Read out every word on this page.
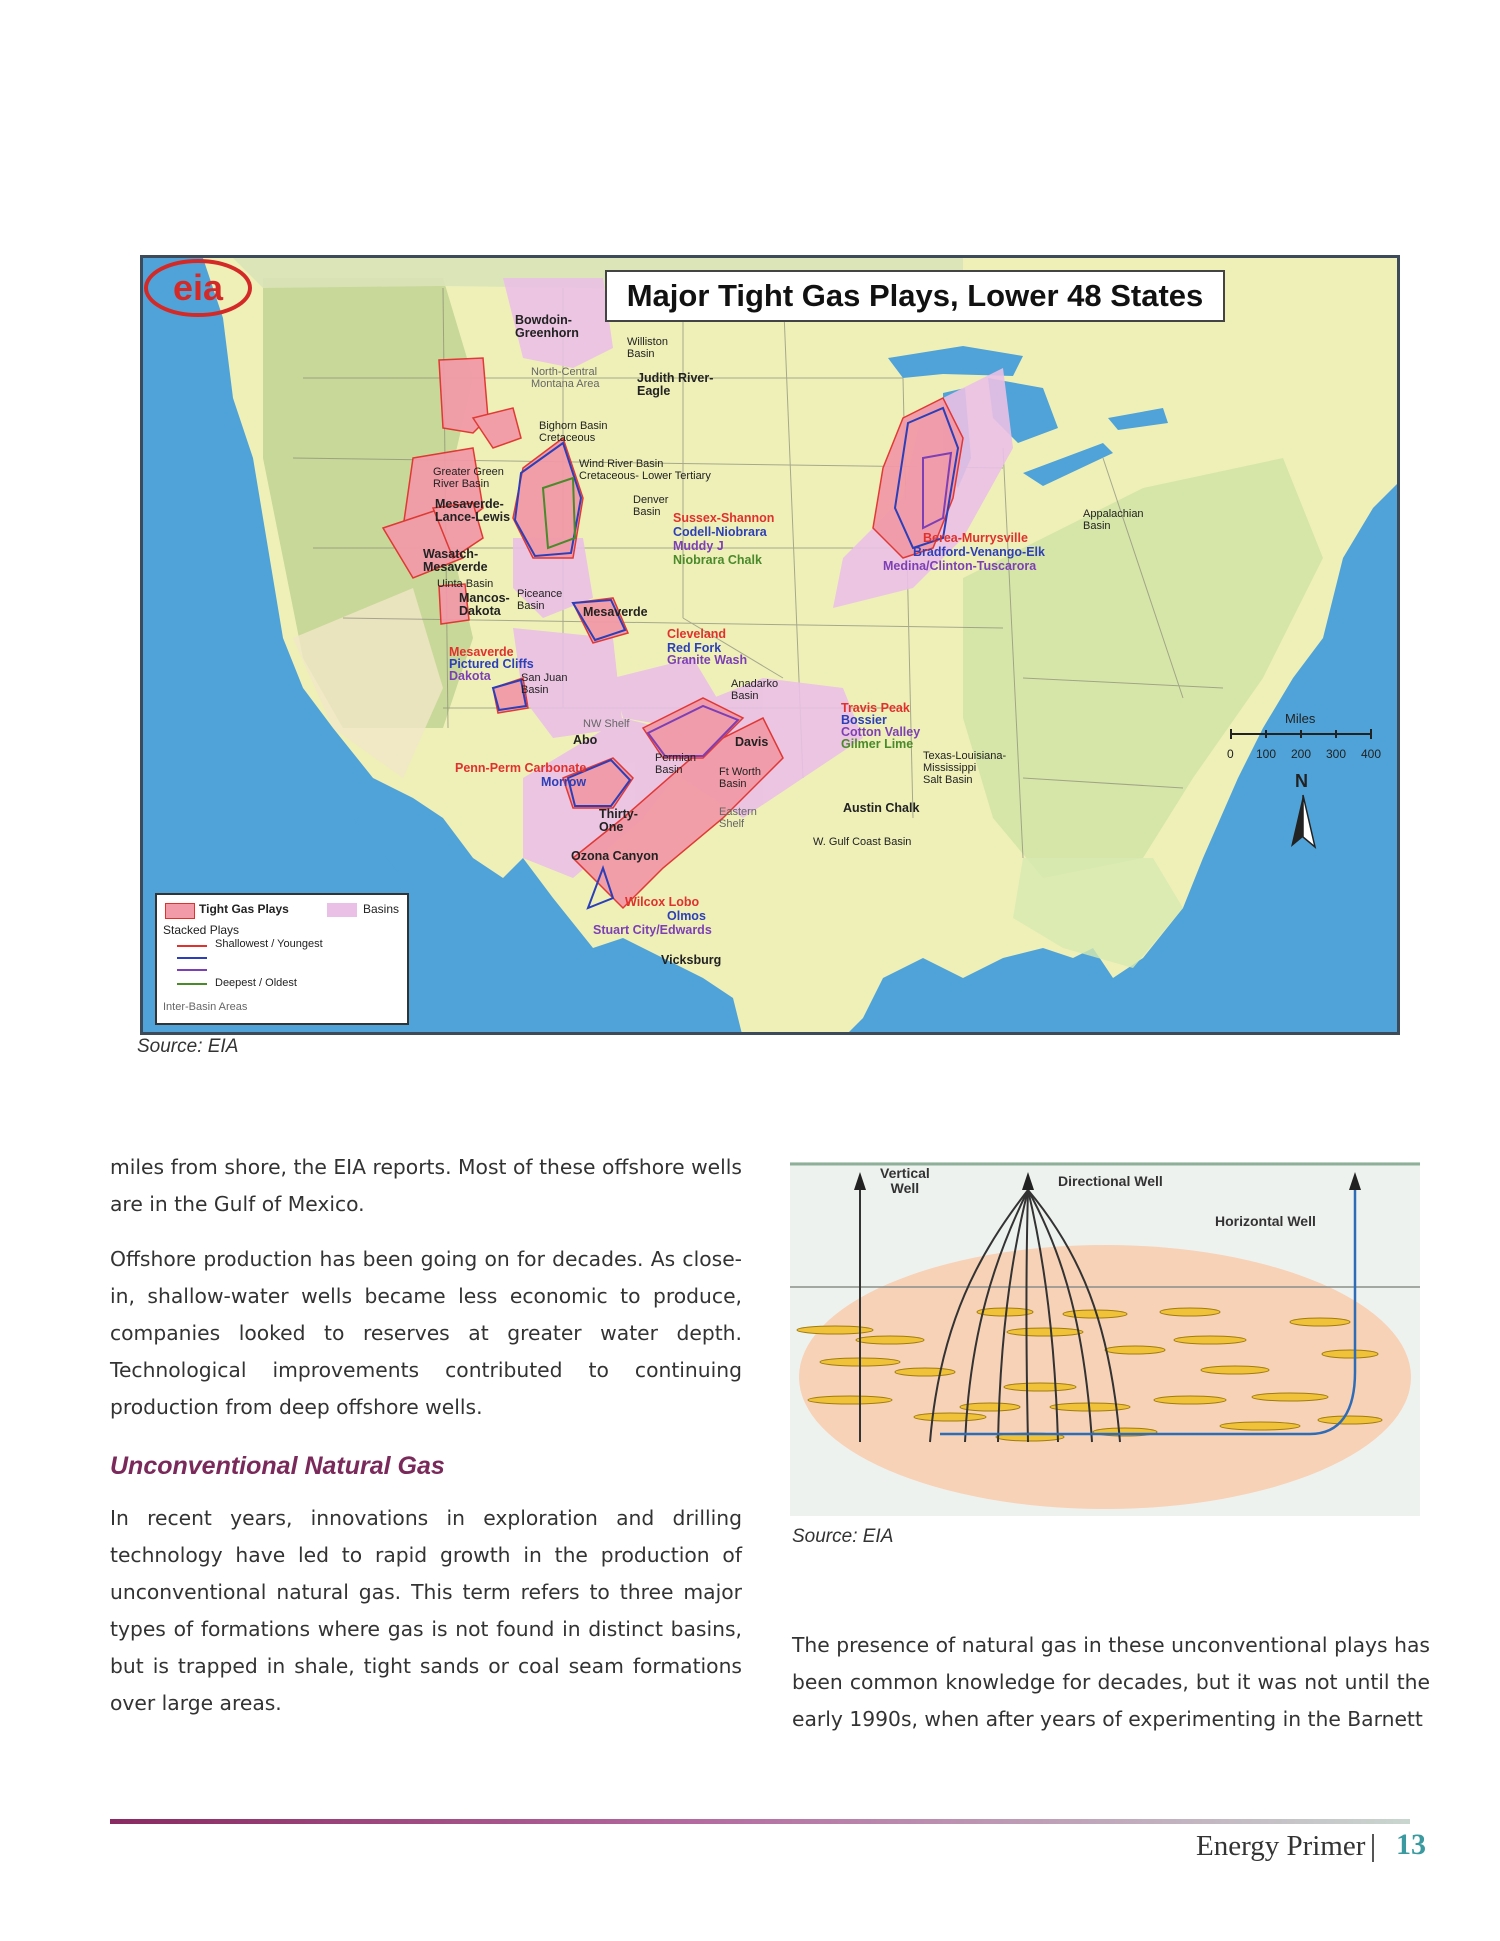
Major Tight Gas Plays, Lower 48 States
Bowdoin-
Greenhorn
Williston
Basin
North-Central
Montana Area	Judith River-
Eagle
Bighorn Basin
Cretaceous
Greater Green
River Basin
Wind River Basin
Cretaceous- Lower Tertiary
Mesaverde-
Lance-Lewis
Denver
Basin Sussex-Shannon
Codell-Niobrara
Muddy J
Niobrara Chalk
Wasatch-
Mesaverde
Uinta Basin
Mancos-
Dakota
Piceance
Basin	Mesaverde
Cleveland
Red Fork
Granite Wash
Mesaverde
Pictured Cliffs
Dakota	San Juan
Basin	Anadarko
Basin
Berea-Murrysville
Bradford-Venango-Elk
Medina/Clinton-Tuscarora
Appalachian
Basin
NW Shelf
Abo	Davis
Travis Peak
Bossier
Cotton Valley
Gilmer Lime
Penn-Perm Carbonate
Morrow
Permian
Basin	Ft Worth
Basin
Texas-Louisiana-
Mississippi
Salt Basin
Eastern
Shelf
Thirty-
One
Austin Chalk
W. Gulf Coast Basin
Ozona Canyon
Wilcox Lobo
Olmos
Stuart City/Edwards
Vicksburg
Tight Gas Plays	Basins
Stacked Plays
Shallowest / Youngest
Deepest / Oldest
Inter-Basin Areas
Miles
0 100 200 300 400
N
eia
Source: EIA
miles from shore, the EIA reports. Most of these offshore wells are in the Gulf of Mexico.
Offshore production has been going on for decades. As close-in, shallow-water wells became less economic to produce, companies looked to reserves at greater water depth. Technological improvements contributed to continuing production from deep offshore wells.
Unconventional Natural Gas
In recent years, innovations in exploration and drilling technology have led to rapid growth in the production of unconventional natural gas. This term refers to three major types of formations where gas is not found in distinct basins, but is trapped in shale, tight sands or coal seam formations over large areas.
Vertical
Well	Directional Well
Horizontal Well
Source: EIA
The presence of natural gas in these unconventional plays has been common knowledge for decades, but it was not until the early 1990s, when after years of experimenting in the Barnett
Energy Primer 13
